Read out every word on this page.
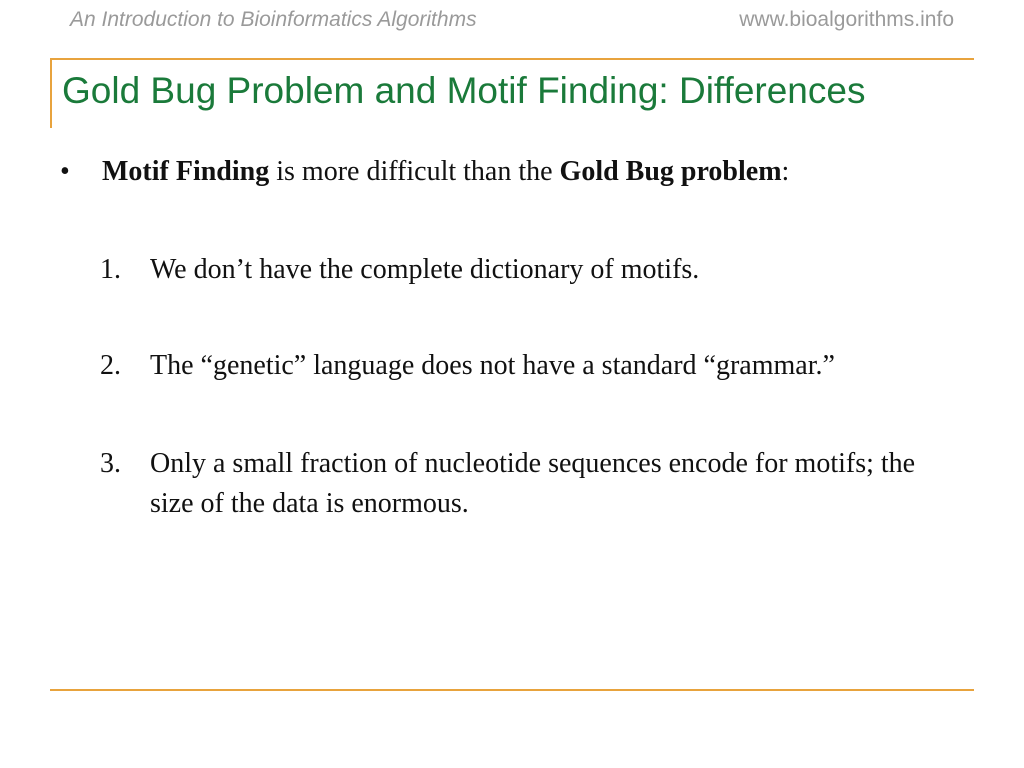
An Introduction to Bioinformatics Algorithms	www.bioalgorithms.info
Gold Bug Problem and Motif Finding: Differences
•	Motif Finding is more difficult than the Gold Bug problem:
1.	We don’t have the complete dictionary of motifs.
2.	The “genetic” language does not have a standard “grammar.”
3.	Only a small fraction of nucleotide sequences encode for motifs; the size of the data is enormous.
